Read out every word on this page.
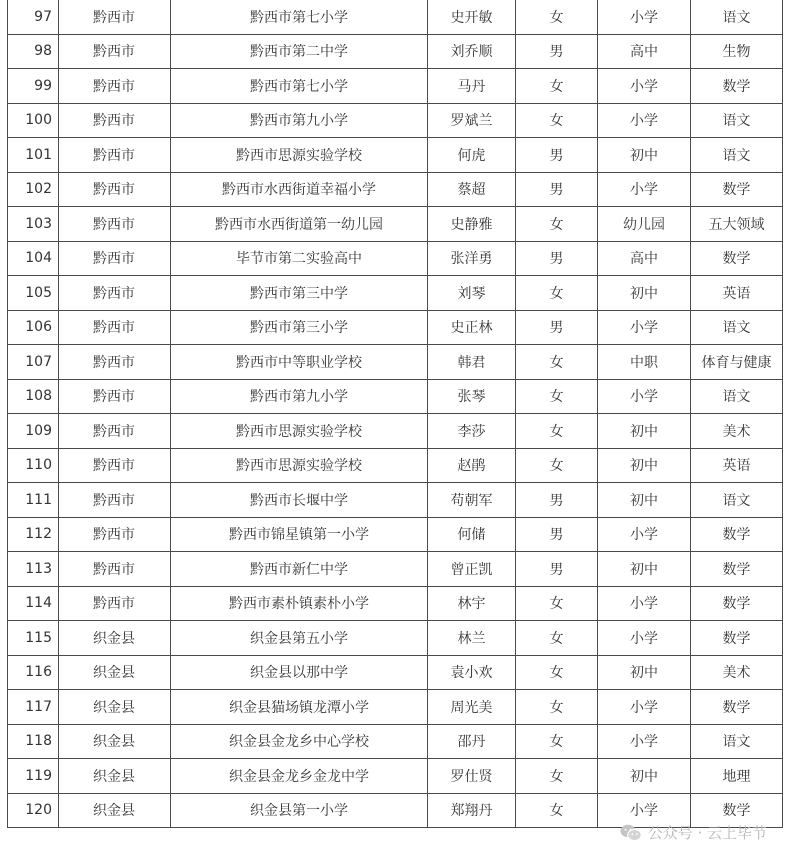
97	黔西市	黔西市第七小学	史开敏	女	小学	语文
98	黔西市	黔西市第二中学	刘乔顺	男	高中	生物
99	黔西市	黔西市第七小学	马丹	女	小学	数学
100	黔西市	黔西市第九小学	罗斌兰	女	小学	语文
101	黔西市	黔西市思源实验学校	何虎	男	初中	语文
102	黔西市	黔西市水西街道幸福小学	蔡超	男	小学	数学
103	黔西市	黔西市水西街道第一幼儿园	史静雅	女	幼儿园	五大领域
104	黔西市	毕节市第二实验高中	张洋勇	男	高中	数学
105	黔西市	黔西市第三中学	刘琴	女	初中	英语
106	黔西市	黔西市第三小学	史正林	男	小学	语文
107	黔西市	黔西市中等职业学校	韩君	女	中职	体育与健康
108	黔西市	黔西市第九小学	张琴	女	小学	语文
109	黔西市	黔西市思源实验学校	李莎	女	初中	美术
110	黔西市	黔西市思源实验学校	赵鹃	女	初中	英语
111	黔西市	黔西市长堰中学	苟朝军	男	初中	语文
112	黔西市	黔西市锦星镇第一小学	何储	男	小学	数学
113	黔西市	黔西市新仁中学	曾正凯	男	初中	数学
114	黔西市	黔西市素朴镇素朴小学	林宇	女	小学	数学
115	织金县	织金县第五小学	林兰	女	小学	数学
116	织金县	织金县以那中学	袁小欢	女	初中	美术
117	织金县	织金县猫场镇龙潭小学	周光美	女	小学	数学
118	织金县	织金县金龙乡中心学校	邵丹	女	小学	语文
119	织金县	织金县金龙乡金龙中学	罗仕贤	女	初中	地理
120	织金县	织金县第一小学	郑翔丹	女	小学	数学
公众号 · 云上毕节
